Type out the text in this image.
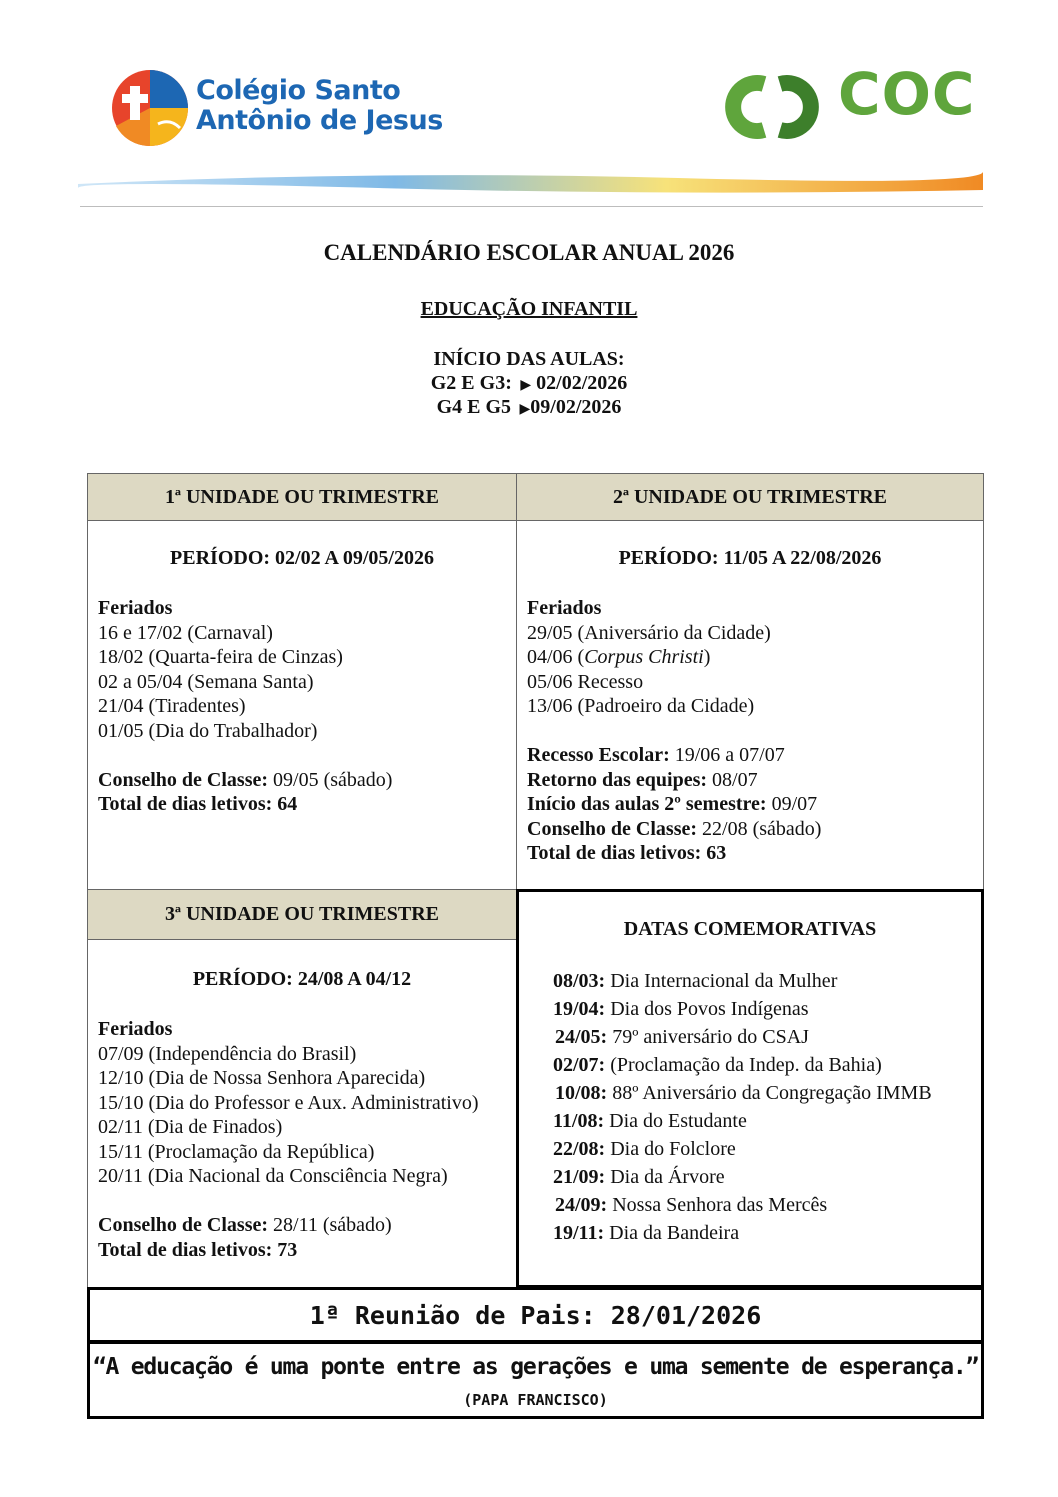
Colégio Santo
Antônio de Jesus	COC
CALENDÁRIO ESCOLAR ANUAL 2026
EDUCAÇÃO INFANTIL
INÍCIO DAS AULAS:
G2 E G3:  ▶ 02/02/2026
G4 E G5  ▶09/02/2026
1ª UNIDADE OU TRIMESTRE
PERÍODO: 02/02 A 09/05/2026
Feriados
16 e 17/02 (Carnaval)
18/02 (Quarta-feira de Cinzas)
02 a 05/04 (Semana Santa)
21/04 (Tiradentes)
01/05 (Dia do Trabalhador)
Conselho de Classe: 09/05 (sábado)
Total de dias letivos: 64
2ª UNIDADE OU TRIMESTRE
PERÍODO: 11/05 A 22/08/2026
Feriados
29/05 (Aniversário da Cidade)
04/06 (Corpus Christi)
05/06 Recesso
13/06 (Padroeiro da Cidade)
Recesso Escolar: 19/06 a 07/07
Retorno das equipes: 08/07
Início das aulas 2º semestre: 09/07
Conselho de Classe: 22/08 (sábado)
Total de dias letivos: 63
3ª UNIDADE OU TRIMESTRE
PERÍODO: 24/08 A 04/12
Feriados
07/09 (Independência do Brasil)
12/10 (Dia de Nossa Senhora Aparecida)
15/10 (Dia do Professor e Aux. Administrativo)
02/11 (Dia de Finados)
15/11 (Proclamação da República)
20/11 (Dia Nacional da Consciência Negra)
Conselho de Classe: 28/11 (sábado)
Total de dias letivos: 73
DATAS COMEMORATIVAS
08/03: Dia Internacional da Mulher
19/04: Dia dos Povos Indígenas
24/05: 79º aniversário do CSAJ
02/07: (Proclamação da Indep. da Bahia)
10/08: 88º Aniversário da Congregação IMMB
11/08: Dia do Estudante
22/08: Dia do Folclore
21/09: Dia da Árvore
24/09: Nossa Senhora das Mercês
19/11: Dia da Bandeira
1ª Reunião de Pais: 28/01/2026
“A educação é uma ponte entre as gerações e uma semente de esperança.”
(PAPA FRANCISCO)
